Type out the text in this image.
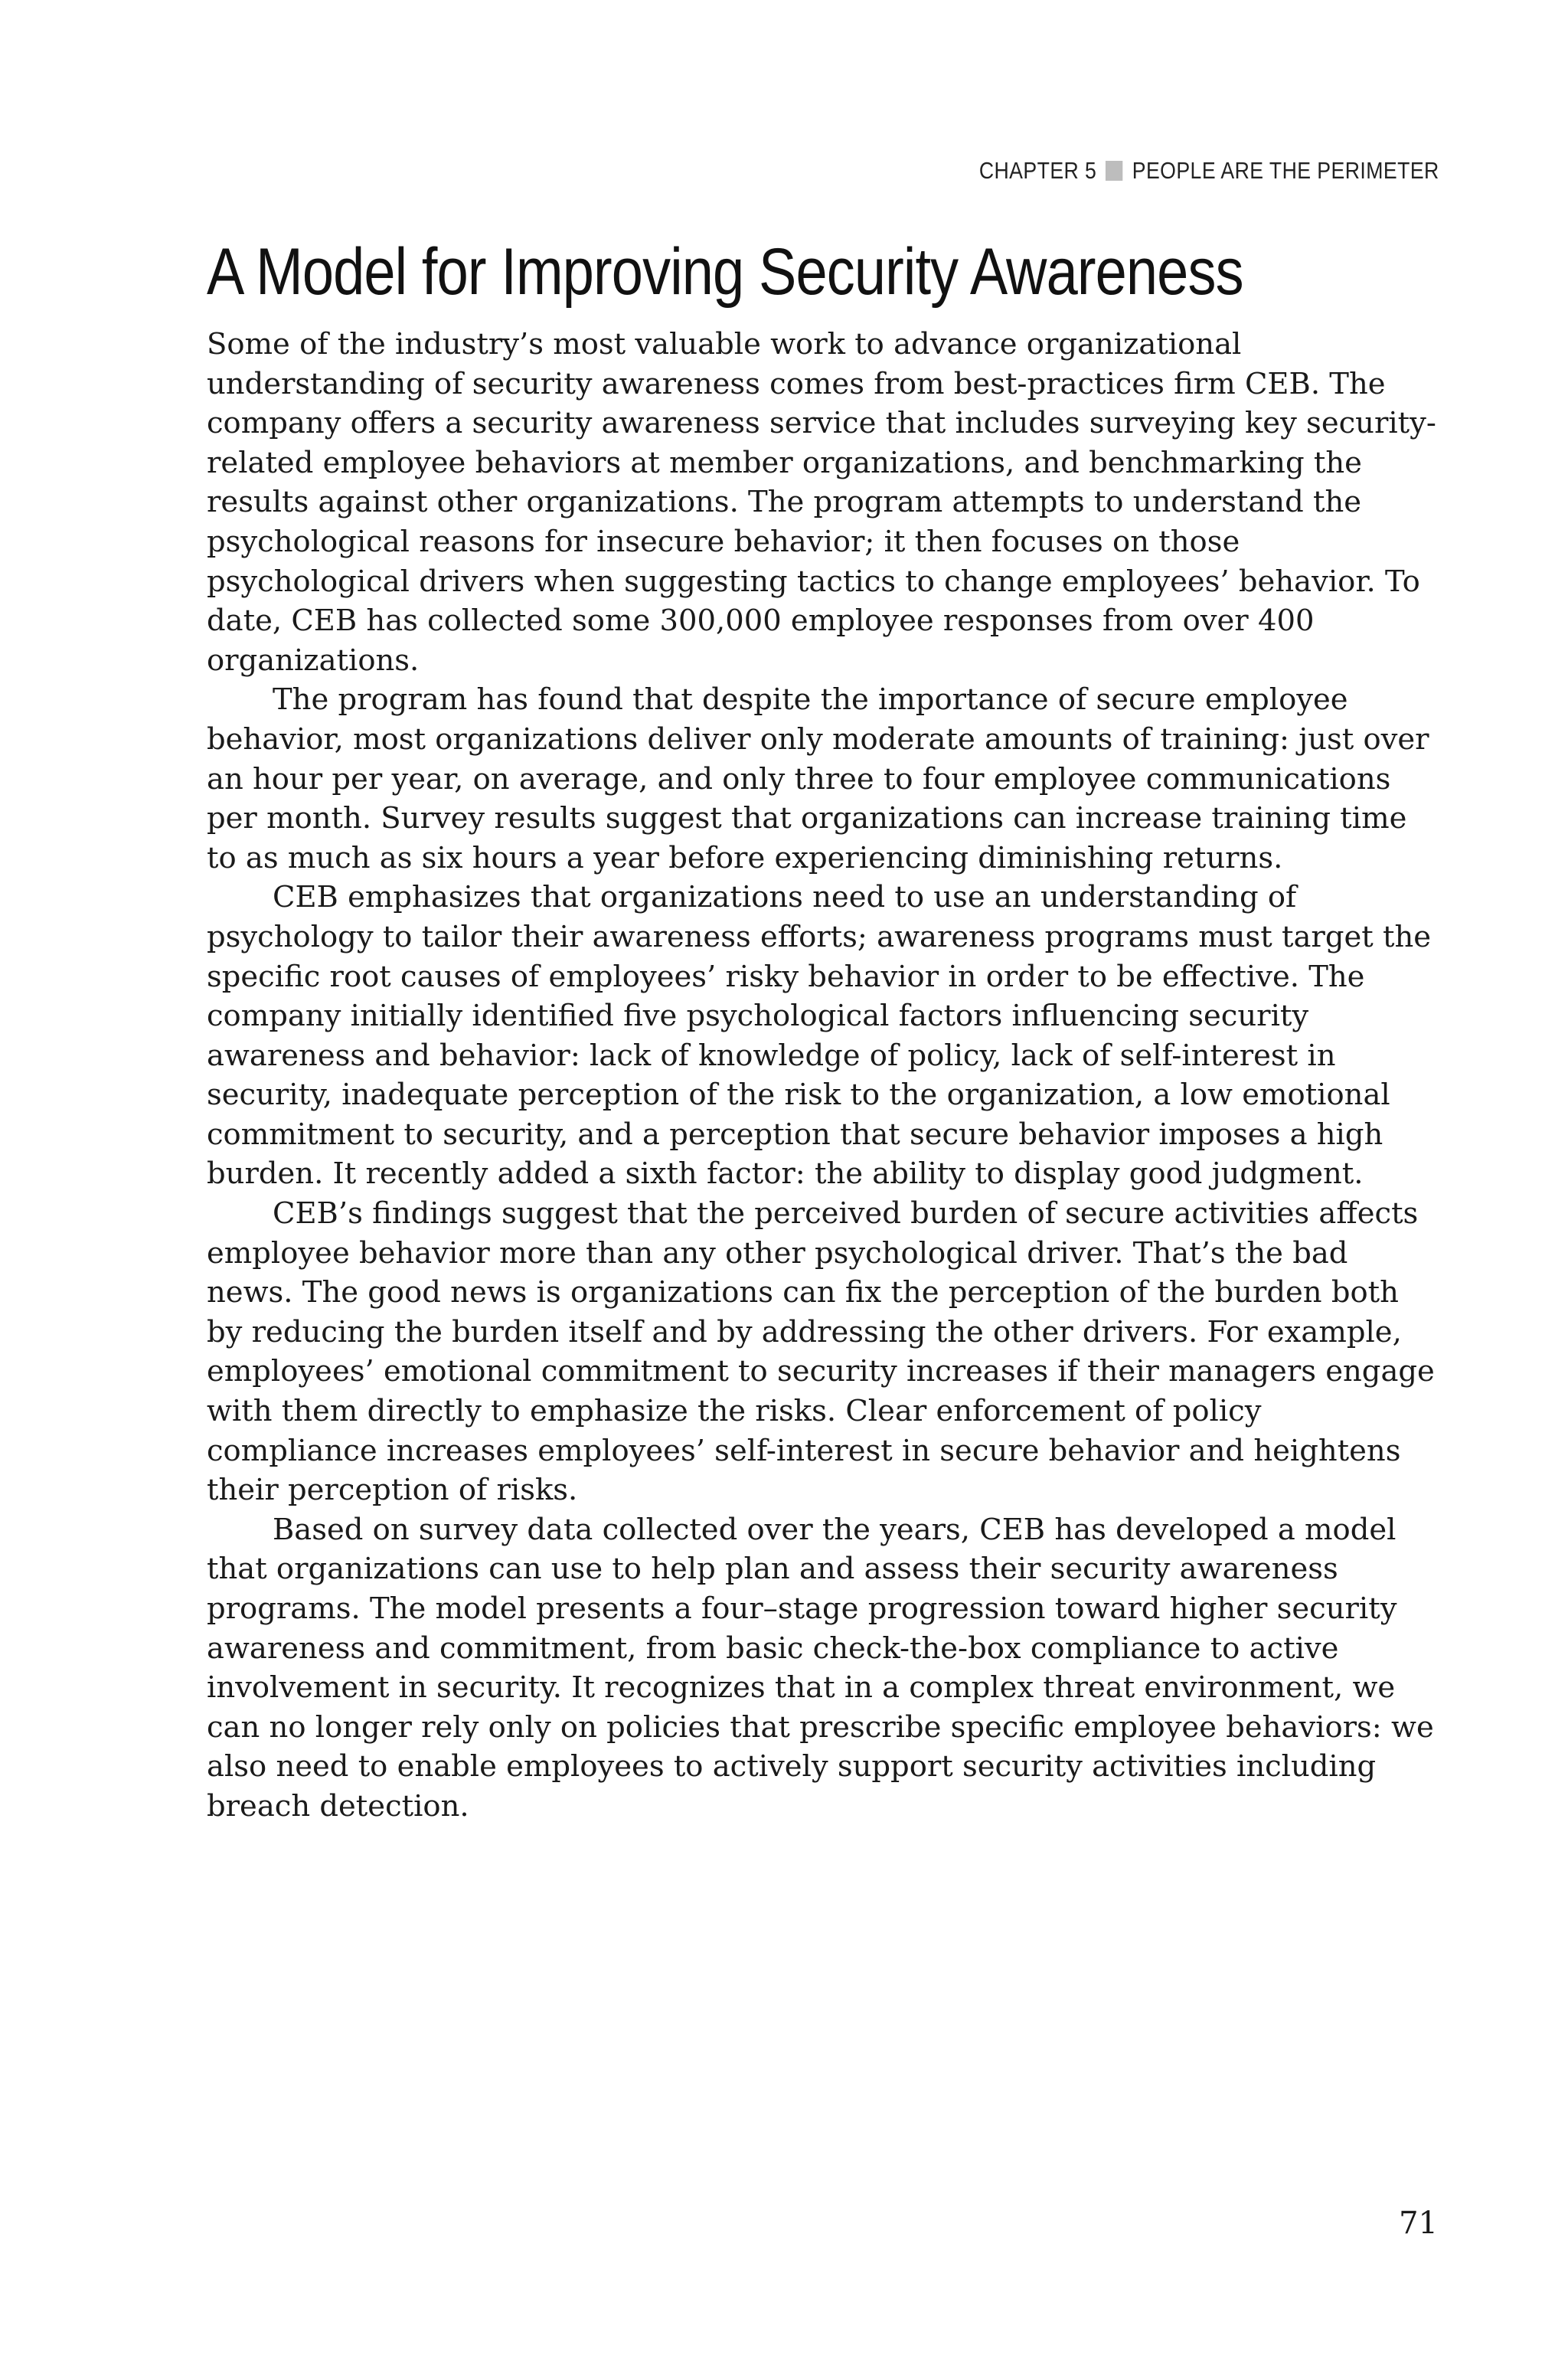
CHAPTER 5 PEOPLE ARE THE PERIMETER
A Model for Improving Security Awareness

Some of the industry’s most valuable work to advance organizational understanding of security awareness comes from best-practices firm CEB. The company offers a security awareness service that includes surveying key security-related employee behaviors at member organizations, and benchmarking the results against other organizations. The program attempts to understand the psychological reasons for insecure behavior; it then focuses on those psychological drivers when suggesting tactics to change employees’ behavior. To date, CEB has collected some 300,000 employee responses from over 400 organizations.

The program has found that despite the importance of secure employee behavior, most organizations deliver only moderate amounts of training: just over an hour per year, on average, and only three to four employee communications per month. Survey results suggest that organizations can increase training time to as much as six hours a year before experiencing diminishing returns.

CEB emphasizes that organizations need to use an understanding of psychology to tailor their awareness efforts; awareness programs must target the specific root causes of employees’ risky behavior in order to be effective. The company initially identified five psychological factors influencing security awareness and behavior: lack of knowledge of policy, lack of self-interest in security, inadequate perception of the risk to the organization, a low emotional commitment to security, and a perception that secure behavior imposes a high burden. It recently added a sixth factor: the ability to display good judgment.

CEB’s findings suggest that the perceived burden of secure activities affects employee behavior more than any other psychological driver. That’s the bad news. The good news is organizations can fix the perception of the burden both by reducing the burden itself and by addressing the other drivers. For example, employees’ emotional commitment to security increases if their managers engage with them directly to emphasize the risks. Clear enforcement of policy compliance increases employees’ self-interest in secure behavior and heightens their perception of risks.

Based on survey data collected over the years, CEB has developed a model that organizations can use to help plan and assess their security awareness programs. The model presents a four–stage progression toward higher security awareness and commitment, from basic check-the-box compliance to active involvement in security. It recognizes that in a complex threat environment, we can no longer rely only on policies that prescribe specific employee behaviors: we also need to enable employees to actively support security activities including breach detection.

71
